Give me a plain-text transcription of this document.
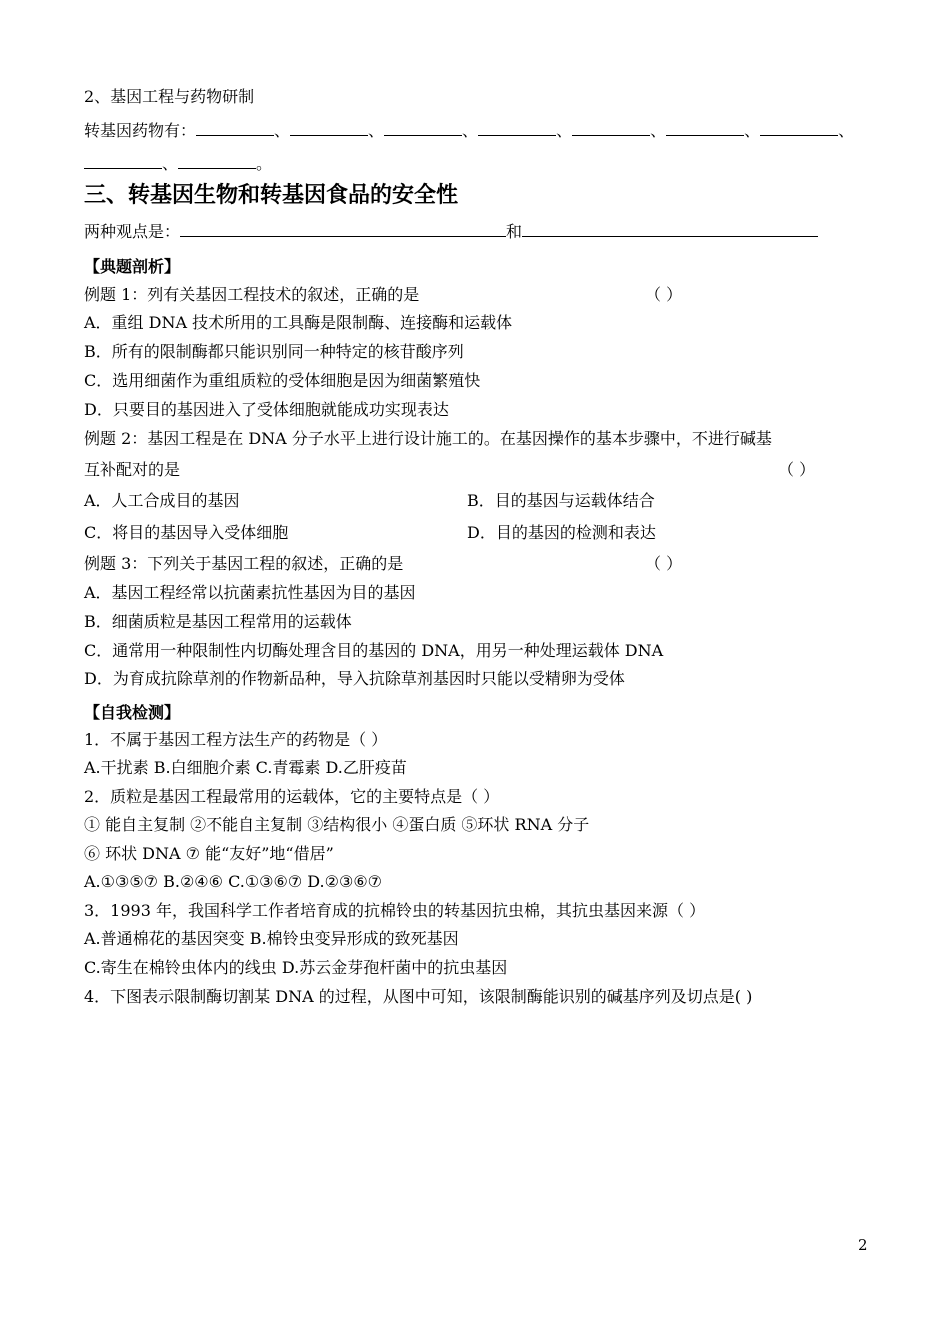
2、基因工程与药物研制
转基因药物有：	、	、	、	、	、	、	、
、	。
三、转基因生物和转基因食品的安全性
两种观点是：	和
【典题剖析】
例题 1：列有关基因工程技术的叙述，正确的是	（ ）
A．重组 DNA 技术所用的工具酶是限制酶、连接酶和运载体
B．所有的限制酶都只能识别同一种特定的核苷酸序列
C．选用细菌作为重组质粒的受体细胞是因为细菌繁殖快
D．只要目的基因进入了受体细胞就能成功实现表达
例题 2：基因工程是在 DNA 分子水平上进行设计施工的。在基因操作的基本步骤中，不进行碱基
互补配对的是	（ ）
A．人工合成目的基因	B．目的基因与运载体结合
C．将目的基因导入受体细胞	D．目的基因的检测和表达
例题 3：下列关于基因工程的叙述，正确的是	（ ）
A．基因工程经常以抗菌素抗性基因为目的基因
B．细菌质粒是基因工程常用的运载体
C．通常用一种限制性内切酶处理含目的基因的 DNA，用另一种处理运载体 DNA
D．为育成抗除草剂的作物新品种，导入抗除草剂基因时只能以受精卵为受体
【自我检测】
1．不属于基因工程方法生产的药物是（ ）
A.干扰素 B.白细胞介素 C.青霉素 D.乙肝疫苗
2．质粒是基因工程最常用的运载体，它的主要特点是（ ）
① 能自主复制 ②不能自主复制 ③结构很小 ④蛋白质 ⑤环状 RNA 分子
⑥ 环状 DNA ⑦ 能“友好”地“借居”
A.①③⑤⑦ B.②④⑥ C.①③⑥⑦ D.②③⑥⑦
3．1993 年，我国科学工作者培育成的抗棉铃虫的转基因抗虫棉，其抗虫基因来源（ ）
A.普通棉花的基因突变 B.棉铃虫变异形成的致死基因
C.寄生在棉铃虫体内的线虫 D.苏云金芽孢杆菌中的抗虫基因
4．下图表示限制酶切割某 DNA 的过程，从图中可知，该限制酶能识别的碱基序列及切点是( )
2
